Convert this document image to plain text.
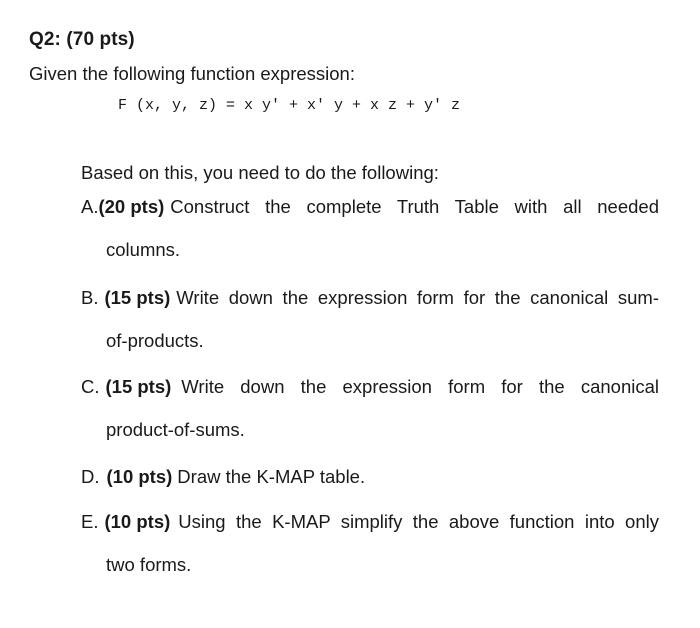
Q2: (70 pts)
Given the following function expression:
F (x, y, z) = x y' + x' y + x z + y' z
Based on this, you need to do the following:
A. (20 pts) Construct the complete Truth Table with all needed
columns.
B. (15 pts) Write down the expression form for the canonical sum-
of-products.
C. (15 pts) Write down the expression form for the canonical
product-of-sums.
D. (10 pts) Draw the K-MAP table.
E. (10 pts) Using the K-MAP simplify the above function into only
two forms.
